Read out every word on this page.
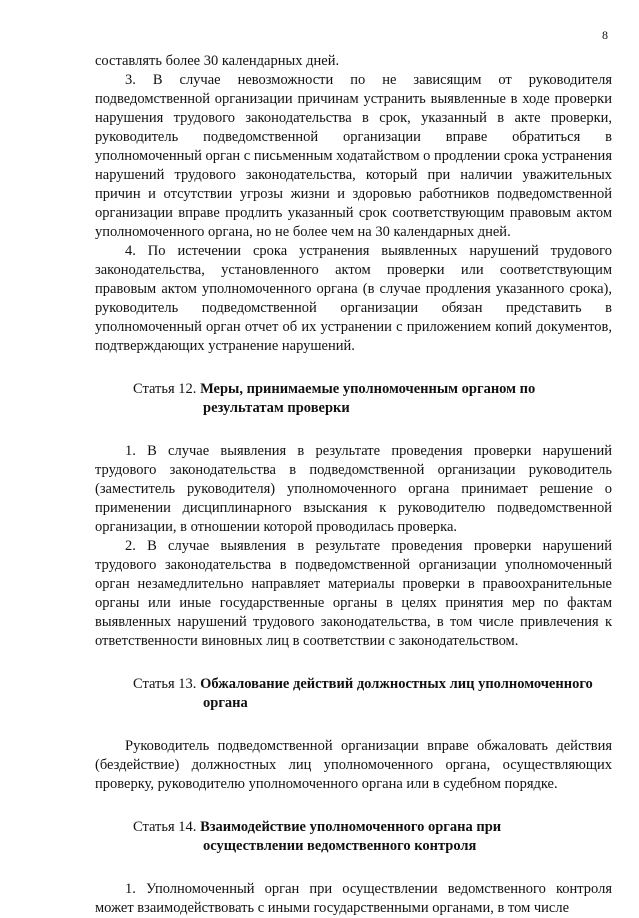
8

составлять более 30 календарных дней.

3. В случае невозможности по не зависящим от руководителя подведомственной организации причинам устранить выявленные в ходе проверки нарушения трудового законодательства в срок, указанный в акте проверки, руководитель подведомственной организации вправе обратиться в уполномоченный орган с письменным ходатайством о продлении срока устранения нарушений трудового законодательства, который при наличии уважительных причин и отсутствии угрозы жизни и здоровью работников подведомственной организации вправе продлить указанный срок соответствующим правовым актом уполномоченного органа, но не более чем на 30 календарных дней.

4. По истечении срока устранения выявленных нарушений трудового законодательства, установленного актом проверки или соответствующим правовым актом уполномоченного органа (в случае продления указанного срока), руководитель подведомственной организации обязан представить в уполномоченный орган отчет об их устранении с приложением копий документов, подтверждающих устранение нарушений.

Статья 12. Меры, принимаемые уполномоченным органом по
результатам проверки

1. В случае выявления в результате проведения проверки нарушений трудового законодательства в подведомственной организации руководитель (заместитель руководителя) уполномоченного органа принимает решение о применении дисциплинарного взыскания к руководителю подведомственной организации, в отношении которой проводилась проверка.

2. В случае выявления в результате проведения проверки нарушений трудового законодательства в подведомственной организации уполномоченный орган незамедлительно направляет материалы проверки в правоохранительные органы или иные государственные органы в целях принятия мер по фактам выявленных нарушений трудового законодательства, в том числе привлечения к ответственности виновных лиц в соответствии с законодательством.

Статья 13. Обжалование действий должностных лиц уполномоченного
органа

Руководитель подведомственной организации вправе обжаловать действия (бездействие) должностных лиц уполномоченного органа, осуществляющих проверку, руководителю уполномоченного органа или в судебном порядке.

Статья 14. Взаимодействие уполномоченного органа при
осуществлении ведомственного контроля

1. Уполномоченный орган при осуществлении ведомственного контроля может взаимодействовать с иными государственными органами, в том числе
